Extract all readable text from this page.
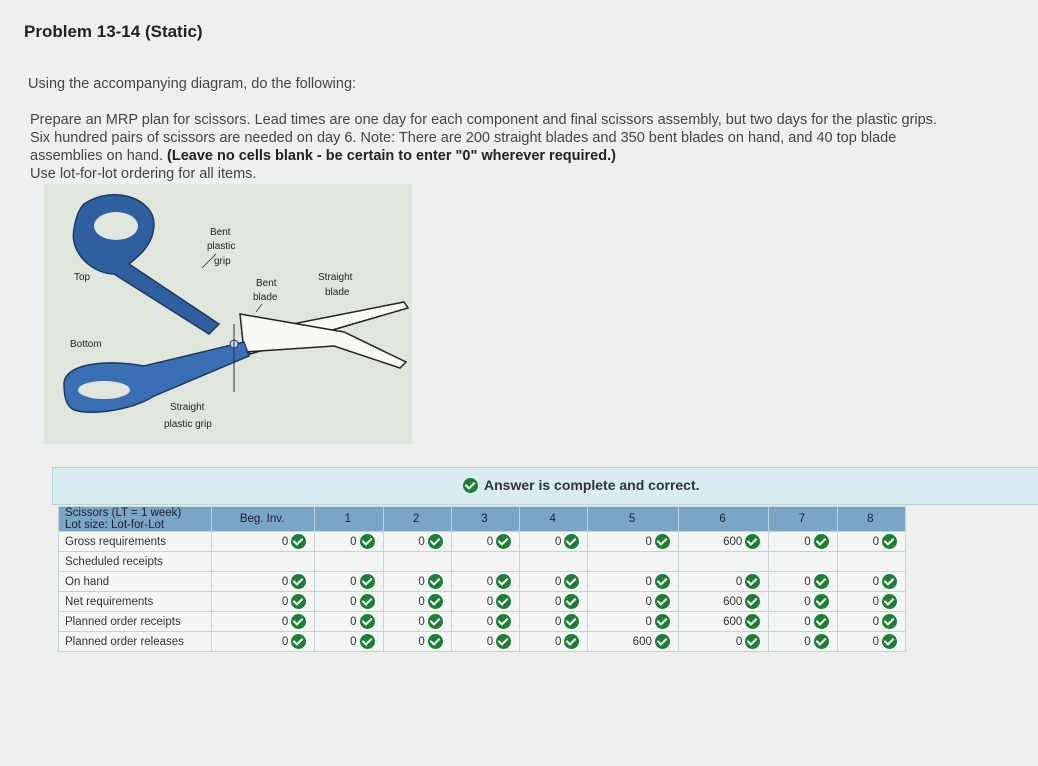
Problem 13-14 (Static)
Using the accompanying diagram, do the following:
Prepare an MRP plan for scissors. Lead times are one day for each component and final scissors assembly, but two days for the plastic grips. Six hundred pairs of scissors are needed on day 6. Note: There are 200 straight blades and 350 bent blades on hand, and 40 top blade assemblies on hand. (Leave no cells blank - be certain to enter "0" wherever required.)
Use lot-for-lot ordering for all items.
Bent
plastic
grip
Top
Bent
blade
Straight
blade
Bottom
Straight
plastic grip
Answer is complete and correct.
Scissors (LT = 1 week)
Lot size: Lot-for-Lot	Beg. Inv.	1	2	3	4	5	6	7	8
Gross requirements	0	0	0	0	0	0	600	0	0

Scheduled receipts									
On hand	0	0	0	0	0	0	0	0	0

Net requirements	0	0	0	0	0	0	600	0	0

Planned order receipts	0	0	0	0	0	0	600	0	0

Planned order releases	0	0	0	0	0	600	0	0	0
